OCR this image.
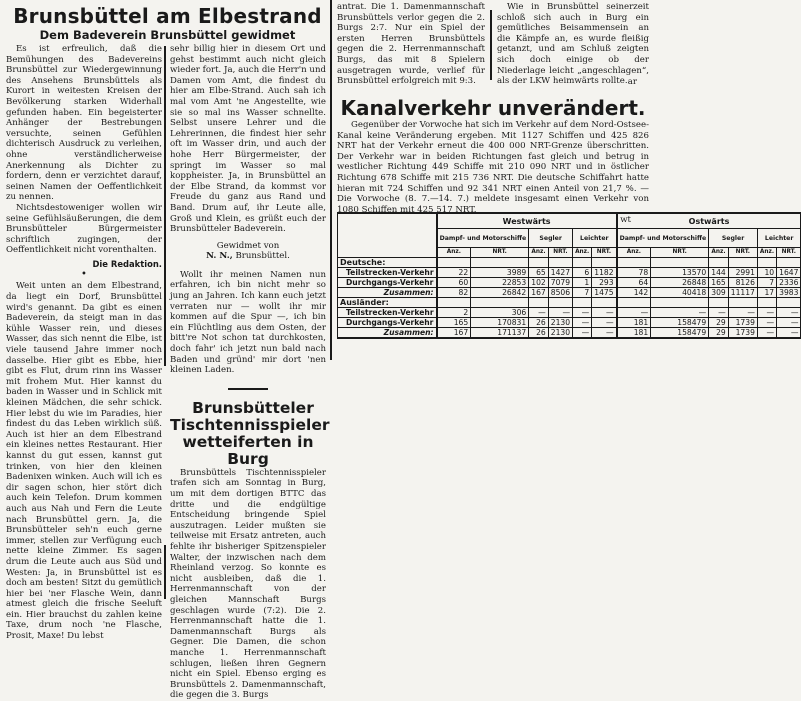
Brunsbüttel am Elbestrand
Dem Badeverein Brunsbüttel gewidmet

Es ist erfreulich, daß die Bemühungen des Badevereins Brunsbüttel zur Wiedergewinnung des Ansehens Brunsbüttels als Kurort in weitesten Kreisen der Bevölkerung starken Widerhall gefunden haben. Ein begeisterter Anhänger der Bestrebungen versuchte, seinen Gefühlen dichterisch Ausdruck zu verleihen, ohne verständlicherweise Anerkennung als Dichter zu fordern, denn er verzichtet darauf, seinen Namen der Oeffentlichkeit zu nennen.

Nichtsdestoweniger wollen wir seine Gefühlsäußerungen, die dem Brunsbütteler Bürgermeister schriftlich zugingen, der Oeffentlichkeit nicht vorenthalten.

Die Redaktion.
•

Weit unten an dem Elbestrand, da liegt ein Dorf, Brunsbüttel wird's genannt. Da gibt es einen Badeverein, da steigt man in das kühle Wasser rein, und dieses Wasser, das sich nennt die Elbe, ist viele tausend Jahre immer noch dasselbe. Hier gibt es Ebbe, hier gibt es Flut, drum rinn ins Wasser mit frohem Mut. Hier kannst du baden in Wasser und in Schlick mit kleinen Mädchen, die sehr schick. Hier lebst du wie im Paradies, hier findest du das Leben wirklich süß. Auch ist hier an dem Elbestrand ein kleines nettes Restaurant. Hier kannst du gut essen, kannst gut trinken, von hier den kleinen Badenixen winken. Auch will ich es dir sagen schon, hier stört dich auch kein Telefon. Drum kommen auch aus Nah und Fern die Leute nach Brunsbüttel gern. Ja, die Brunsbütteler seh'n euch gerne immer, stellen zur Verfügung euch nette kleine Zimmer. Es sagen drum die Leute auch aus Süd und Westen: Ja, in Brunsbüttel ist es doch am besten! Sitzt du gemütlich hier bei 'ner Flasche Wein, dann atmest gleich die frische Seeluft ein. Hier brauchst du zahlen keine Taxe, drum noch 'ne Flasche, Prosit, Maxe! Du lebst

sehr billig hier in diesem Ort und gehst bestimmt auch nicht gleich wieder fort. Ja, auch die Herr'n und Damen vom Amt, die findest du hier am Elbe-Strand. Auch sah ich mal vom Amt 'ne Angestellte, wie sie so mal ins Wasser schnellte. Selbst unsere Lehrer und die Lehrerinnen, die findest hier sehr oft im Wasser drin, und auch der hohe Herr Bürgermeister, der springt im Wasser so mal koppheister. Ja, in Brunsbüttel an der Elbe Strand, da kommst vor Freude du ganz aus Rand und Band. Drum auf, ihr Leute alle, Groß und Klein, es grüßt euch der Brunsbütteler Badeverein.

Gewidmet von
N. N., Brunsbüttel.

Wollt ihr meinen Namen nun erfahren, ich bin nicht mehr so jung an Jahren. Ich kann euch jetzt verraten nur — wollt ihr mir kommen auf die Spur —, ich bin ein Flüchtling aus dem Osten, der bitt're Not schon tat durchkosten, doch fahr' ich jetzt nun bald nach Baden und gründ' mir dort 'nen kleinen Laden.

Brunsbütteler Tischtennisspieler wetteiferten in Burg

Brunsbüttels Tischtennisspieler trafen sich am Sonntag in Burg, um mit dem dortigen BTTC das dritte und die endgültige Entscheidung bringende Spiel auszutragen. Leider mußten sie teilweise mit Ersatz antreten, auch fehlte ihr bisheriger Spitzenspieler Walter, der inzwischen nach dem Rheinland verzog. So konnte es nicht ausbleiben, daß die 1. Herrenmannschaft von der gleichen Mannschaft Burgs geschlagen wurde (7:2). Die 2. Herrenmannschaft hatte die 1. Damenmannschaft Burgs als Gegner. Die Damen, die schon manche 1. Herrenmannschaft schlugen, ließen ihren Gegnern nicht ein Spiel. Ebenso erging es Brunsbüttels 2. Damenmannschaft, die gegen die 3. Burgs

antrat. Die 1. Damenmannschaft Brunsbüttels verlor gegen die 2. Burgs 2:7. Nur ein Spiel der ersten Herren Brunsbüttels gegen die 2. Herrenmannschaft Burgs, das mit 8 Spielern ausgetragen wurde, verlief für Brunsbüttel erfolgreich mit 9:3.

Wie in Brunsbüttel seinerzeit schloß sich auch in Burg ein gemütliches Beisammensein an die Kämpfe an, es wurde fleißig getanzt, und am Schluß zeigten sich doch einige ob der Niederlage leicht „angeschlagen“, als der LKW heimwärts rollte. ar
Kanalverkehr unverändert.

Gegenüber der Vorwoche hat sich im Verkehr auf dem Nord-Ostsee-Kanal keine Veränderung ergeben. Mit 1127 Schiffen und 425 826 NRT hat der Verkehr erneut die 400 000 NRT-Grenze überschritten. Der Verkehr war in beiden Richtungen fast gleich und betrug in westlicher Richtung 449 Schiffe mit 210 090 NRT und in östlicher Richtung 678 Schiffe mit 215 736 NRT. Die deutsche Schiffahrt hatte hieran mit 724 Schiffen und 92 341 NRT einen Anteil von 21,7 %. — Die Vorwoche (8. 7.—14. 7.) meldete insgesamt einen Verkehr von 1080 Schiffen mit 425 517 NRT.

wt
	Westwärts						Ostwärts					
	Dampf- und Motorschiffe		Segler		Leichter		Dampf- und Motorschiffe		Segler		Leichter	
	Anz.	NRT.	Anz.	NRT.	Anz.	NRT.	Anz.	NRT.	Anz.	NRT.	Anz.	NRT.
Deutsche:												
Teilstrecken-Verkehr	22	3989	65	1427	6	1182	78	13570	144	2991	10	1647
Durchgangs-Verkehr	60	22853	102	7079	1	293	64	26848	165	8126	7	2336
Zusammen:	82	26842	167	8506	7	1475	142	40418	309	11117	17	3983
Ausländer:												
Teilstrecken-Verkehr	2	306	—	—	—	—	—	—	—	—	—	—
Durchgangs-Verkehr	165	170831	26	2130	—	—	181	158479	29	1739	—	—
Zusammen:	167	171137	26	2130	—	—	181	158479	29	1739	—	—
